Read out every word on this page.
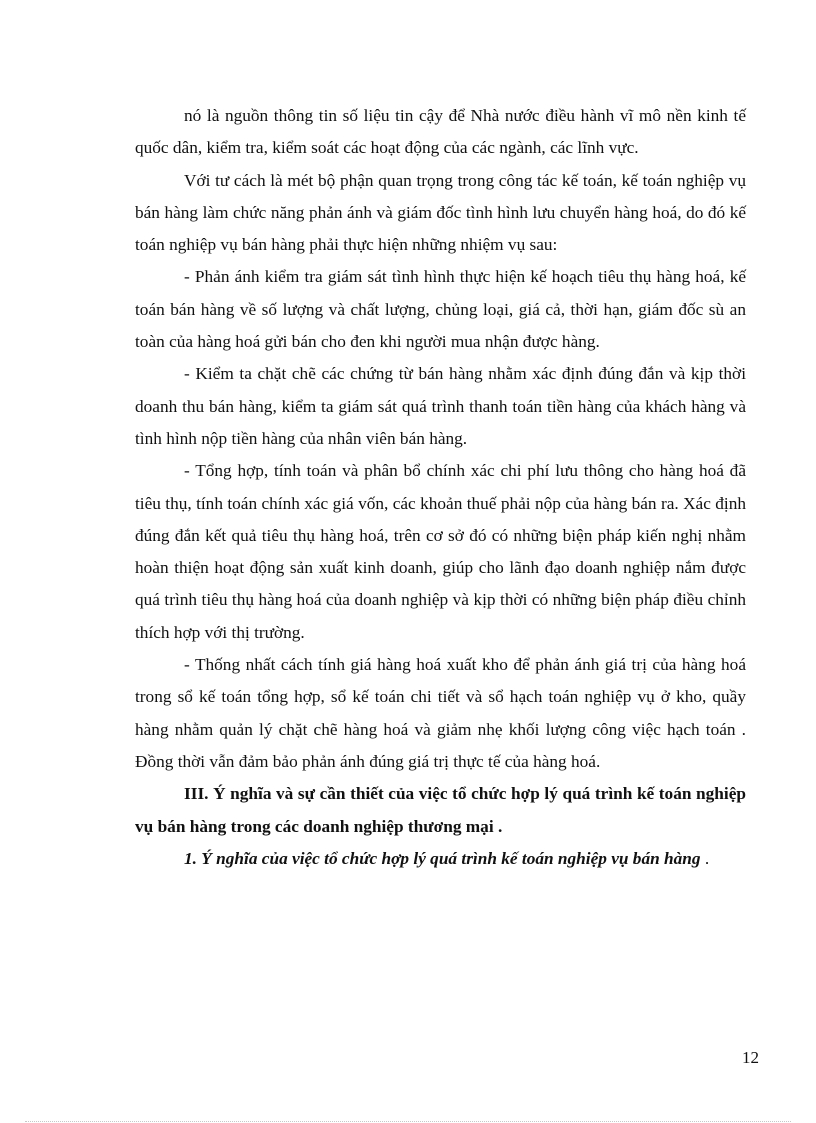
nó là nguồn thông tin số liệu tin cậy để Nhà nước điều hành vĩ mô nền kinh tế quốc dân, kiểm tra, kiểm soát các hoạt động của các ngành, các lĩnh vực.

Với tư cách là mét bộ phận quan trọng trong công tác kế toán, kế toán nghiệp vụ bán hàng làm chức năng phản ánh và giám đốc tình hình lưu chuyển hàng hoá, do đó kế toán nghiệp vụ bán hàng phải thực hiện những nhiệm vụ sau:

- Phản ánh kiểm tra giám sát tình hình thực hiện kế hoạch tiêu thụ hàng hoá, kế toán bán hàng về số lượng và chất lượng, chủng loại, giá cả, thời hạn, giám đốc sù an toàn của hàng hoá gửi bán cho đen khi người mua nhận được hàng.

- Kiểm ta chặt chẽ các chứng từ bán hàng nhằm xác định đúng đắn và kịp thời doanh thu bán hàng, kiểm ta giám sát quá trình thanh toán tiền hàng của khách hàng và tình hình nộp tiền hàng của nhân viên bán hàng.

- Tổng hợp, tính toán và phân bổ chính xác chi phí lưu thông cho hàng hoá đã tiêu thụ, tính toán chính xác giá vốn, các khoản thuế phải nộp của hàng bán ra. Xác định đúng đắn kết quả tiêu thụ hàng hoá, trên cơ sở đó có những biện pháp kiến nghị nhằm hoàn thiện hoạt động sản xuất kinh doanh, giúp cho lãnh đạo doanh nghiệp nắm được quá trình tiêu thụ hàng hoá của doanh nghiệp và kịp thời có những biện pháp điều chỉnh thích hợp với thị trường.

- Thống nhất cách tính giá hàng hoá xuất kho để phản ánh giá trị của hàng hoá trong sổ kế toán tổng hợp, sổ kế toán chi tiết và sổ hạch toán nghiệp vụ ở kho, quầy hàng nhằm quản lý chặt chẽ hàng hoá và giảm nhẹ khối lượng công việc hạch toán . Đồng thời vẫn đảm bảo phản ánh đúng giá trị thực tế của hàng hoá.

III. Ý nghĩa và sự cần thiết của việc tổ chức hợp lý quá trình kế toán nghiệp vụ bán hàng trong các doanh nghiệp thương mại .

1. Ý nghĩa của việc tổ chức hợp lý quá trình kế toán nghiệp vụ bán hàng .

12
